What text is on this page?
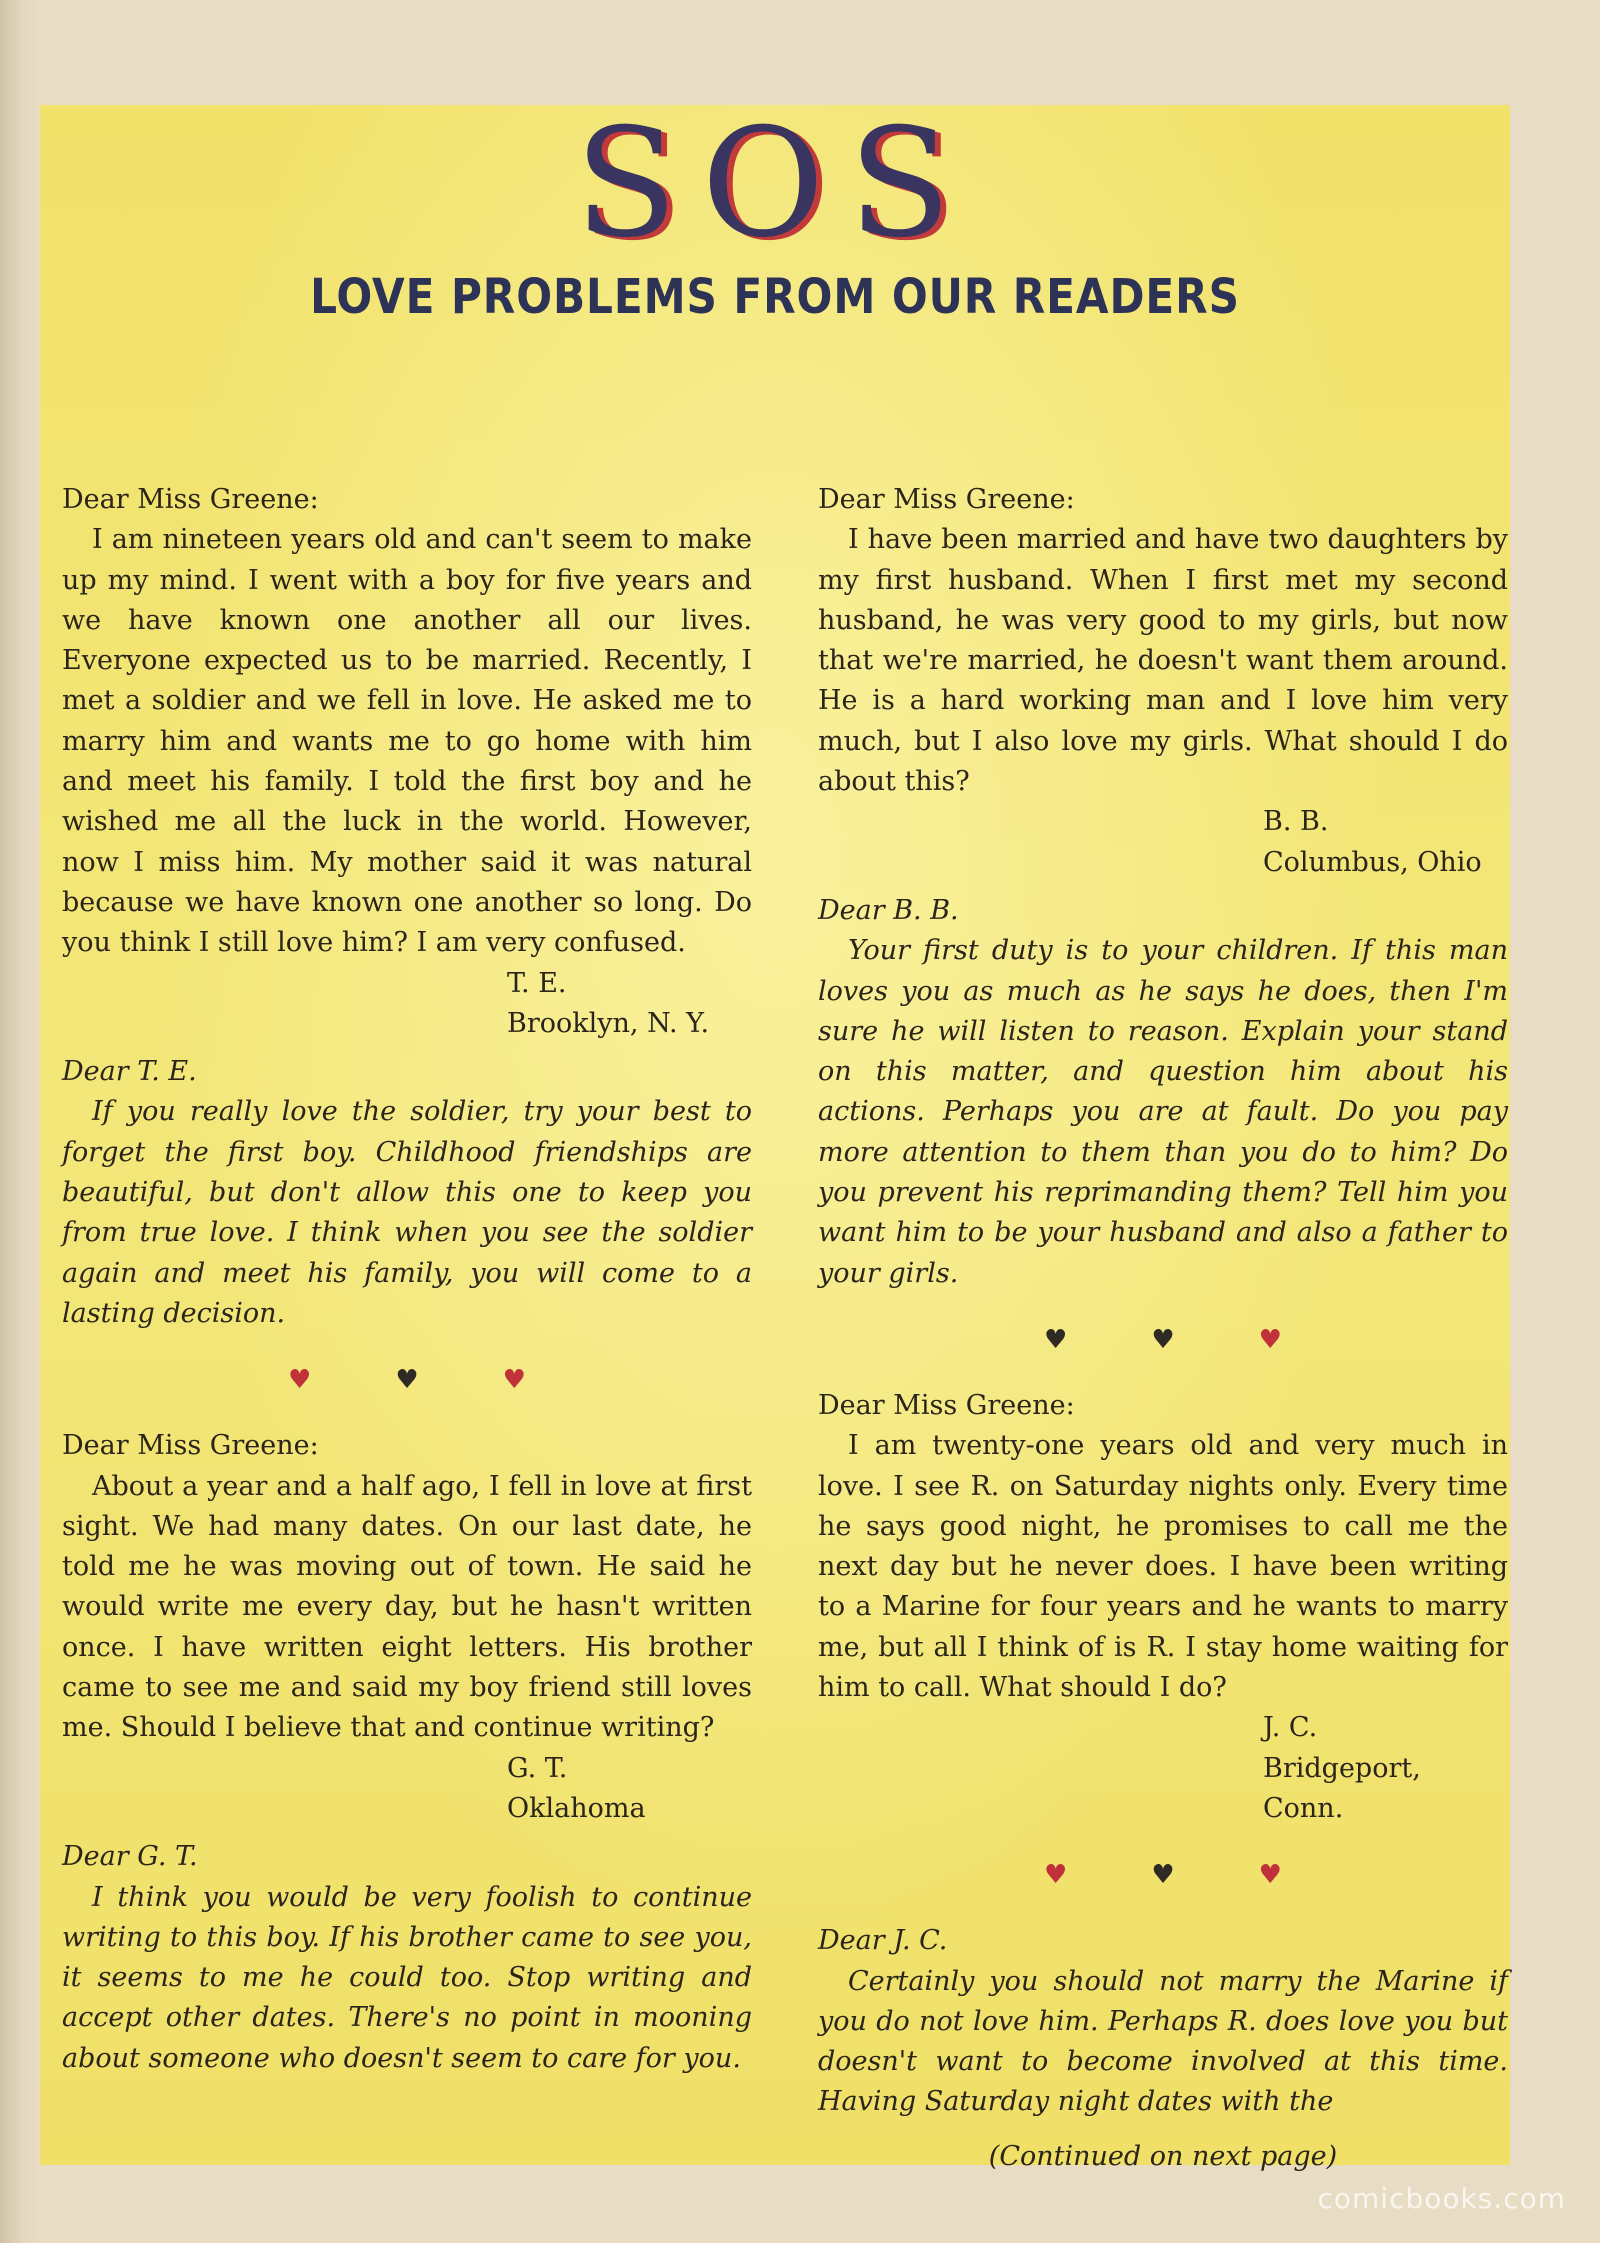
SOS
LOVE PROBLEMS FROM OUR READERS

Dear Miss Greene:

I am nineteen years old and can't seem to make up my mind. I went with a boy for five years and we have known one another all our lives. Everyone expected us to be married. Recently, I met a soldier and we fell in love. He asked me to marry him and wants me to go home with him and meet his family. I told the first boy and he wished me all the luck in the world. However, now I miss him. My mother said it was natural because we have known one another so long. Do you think I still love him? I am very confused.

T. E.

Brooklyn, N. Y.

Dear T. E.

If you really love the soldier, try your best to forget the first boy. Childhood friendships are beautiful, but don't allow this one to keep you from true love. I think when you see the soldier again and meet his family, you will come to a lasting decision.

♥	♥	♥

Dear Miss Greene:

About a year and a half ago, I fell in love at first sight. We had many dates. On our last date, he told me he was moving out of town. He said he would write me every day, but he hasn't written once. I have written eight letters. His brother came to see me and said my boy friend still loves me. Should I believe that and continue writing?

G. T.

Oklahoma

Dear G. T.

I think you would be very foolish to continue writing to this boy. If his brother came to see you, it seems to me he could too. Stop writing and accept other dates. There's no point in mooning about someone who doesn't seem to care for you.

Dear Miss Greene:

I have been married and have two daughters by my first husband. When I first met my second husband, he was very good to my girls, but now that we're married, he doesn't want them around. He is a hard working man and I love him very much, but I also love my girls. What should I do about this?

B. B.

Columbus, Ohio

Dear B. B.

Your first duty is to your children. If this man loves you as much as he says he does, then I'm sure he will listen to reason. Explain your stand on this matter, and question him about his actions. Perhaps you are at fault. Do you pay more attention to them than you do to him? Do you prevent his reprimanding them? Tell him you want him to be your husband and also a father to your girls.

♥	♥	♥

Dear Miss Greene:

I am twenty-one years old and very much in love. I see R. on Saturday nights only. Every time he says good night, he promises to call me the next day but he never does. I have been writing to a Marine for four years and he wants to marry me, but all I think of is R. I stay home waiting for him to call. What should I do?

J. C.

Bridgeport, Conn.

♥	♥	♥

Dear J. C.

Certainly you should not marry the Marine if you do not love him. Perhaps R. does love you but doesn't want to become involved at this time. Having Saturday night dates with the

(Continued on next page)

comicbooks.com
